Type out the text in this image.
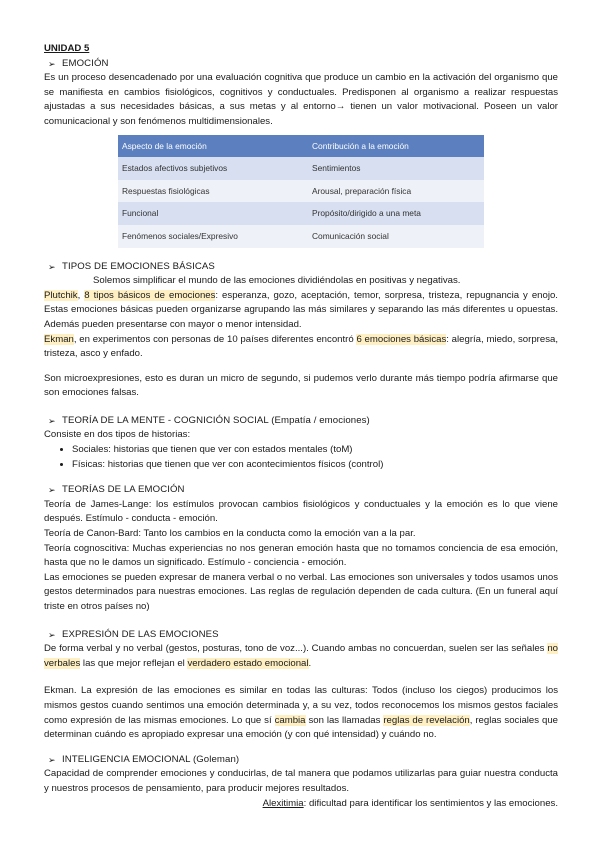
UNIDAD 5

➢ EMOCIÓN

Es un proceso desencadenado por una evaluación cognitiva que produce un cambio en la activación del organismo que se manifiesta en cambios fisiológicos, cognitivos y conductuales. Predisponen al organismo a realizar respuestas ajustadas a sus necesidades básicas, a sus metas y al entorno→ tienen un valor motivacional. Poseen un valor comunicacional y son fenómenos multidimensionales.

Aspecto de la emoción	Contribución a la emoción
Estados afectivos subjetivos	Sentimientos
Respuestas fisiológicas	Arousal, preparación física
Funcional	Propósito/dirigido a una meta
Fenómenos sociales/Expresivo	Comunicación social
➢ TIPOS DE EMOCIONES BÁSICAS

Solemos simplificar el mundo de las emociones dividiéndolas en positivas y negativas.

Plutchik, 8 tipos básicos de emociones: esperanza, gozo, aceptación, temor, sorpresa, tristeza, repugnancia y enojo. Estas emociones básicas pueden organizarse agrupando las más similares y separando las más diferentes u opuestas. Además pueden presentarse con mayor o menor intensidad.

Ekman, en experimentos con personas de 10 países diferentes encontró 6 emociones básicas: alegría, miedo, sorpresa, tristeza, asco y enfado.

Son microexpresiones, esto es duran un micro de segundo, si pudemos verlo durante más tiempo podría afirmarse que son emociones falsas.

➢ TEORÍA DE LA MENTE - COGNICIÓN SOCIAL (Empatía / emociones)

Consiste en dos tipos de historias:

• Sociales: historias que tienen que ver con estados mentales (toM)
• Físicas: historias que tienen que ver con acontecimientos físicos (control)
➢ TEORÍAS DE LA EMOCIÓN

Teoría de James-Lange: los estímulos provocan cambios fisiológicos y conductuales y la emoción es lo que viene después. Estímulo - conducta - emoción.

Teoría de Canon-Bard: Tanto los cambios en la conducta como la emoción van a la par.

Teoría cognoscitiva: Muchas experiencias no nos generan emoción hasta que no tomamos conciencia de esa emoción, hasta que no le damos un significado. Estímulo - conciencia - emoción.

Las emociones se pueden expresar de manera verbal o no verbal. Las emociones son universales y todos usamos unos gestos determinados para nuestras emociones. Las reglas de regulación dependen de cada cultura. (En un funeral aquí triste en otros países no)

➢ EXPRESIÓN DE LAS EMOCIONES

De forma verbal y no verbal (gestos, posturas, tono de voz...). Cuando ambas no concuerdan, suelen ser las señales no verbales las que mejor reflejan el verdadero estado emocional.

Ekman. La expresión de las emociones es similar en todas las culturas: Todos (incluso los ciegos) producimos los mismos gestos cuando sentimos una emoción determinada y, a su vez, todos reconocemos los mismos gestos faciales como expresión de las mismas emociones. Lo que sí cambia son las llamadas reglas de revelación, reglas sociales que determinan cuándo es apropiado expresar una emoción (y con qué intensidad) y cuándo no.

➢ INTELIGENCIA EMOCIONAL (Goleman)

Capacidad de comprender emociones y conducirlas, de tal manera que podamos utilizarlas para guiar nuestra conducta y nuestros procesos de pensamiento, para producir mejores resultados.

Alexitimia: dificultad para identificar los sentimientos y las emociones.
